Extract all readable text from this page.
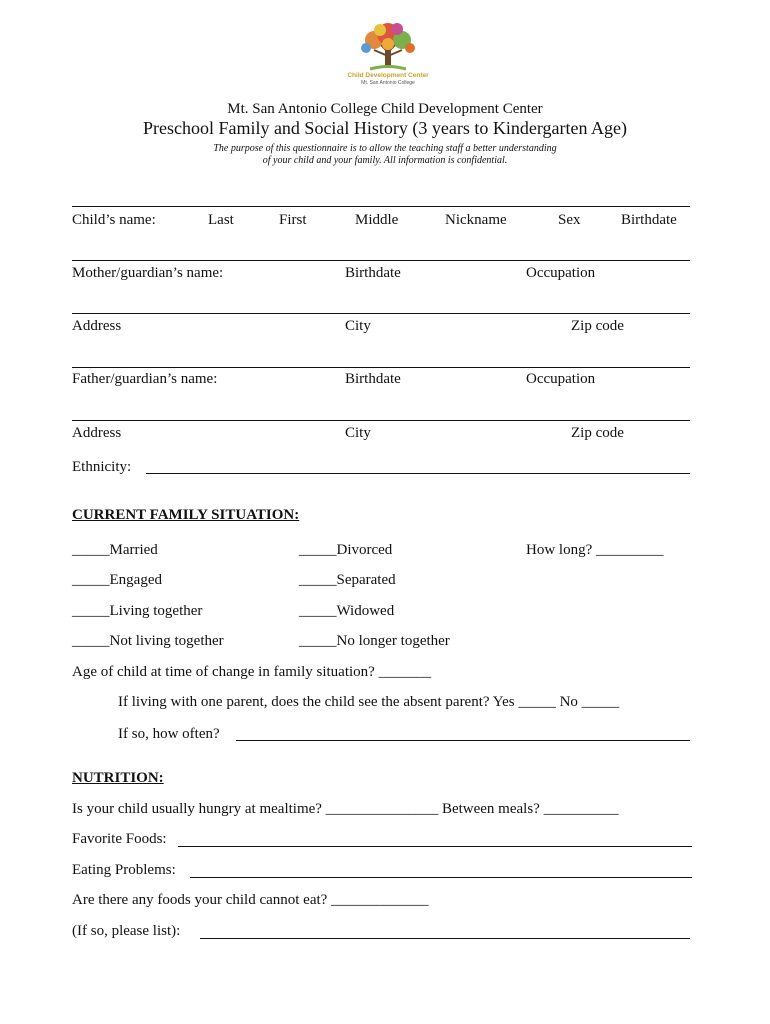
Child Development Center
Mt. San Antonio College
Mt. San Antonio College Child Development Center
Preschool Family and Social History (3 years to Kindergarten Age)
The purpose of this questionnaire is to allow the teaching staff a better understanding
of your child and your family. All information is confidential.
Child’s name:	Last	First	Middle	Nickname	Sex	Birthdate
Mother/guardian’s name:	Birthdate	Occupation
Address	City	Zip code
Father/guardian’s name:	Birthdate	Occupation
Address	City	Zip code
Ethnicity:
CURRENT FAMILY SITUATION:
_____Married	_____Divorced	How long? _________
_____Engaged	_____Separated
_____Living together	_____Widowed
_____Not living together	_____No longer together
Age of child at time of change in family situation? _______
If living with one parent, does the child see the absent parent? Yes _____ No _____
If so, how often?
NUTRITION:
Is your child usually hungry at mealtime? _______________ Between meals? __________
Favorite Foods:
Eating Problems:
Are there any foods your child cannot eat? _____________
(If so, please list):
